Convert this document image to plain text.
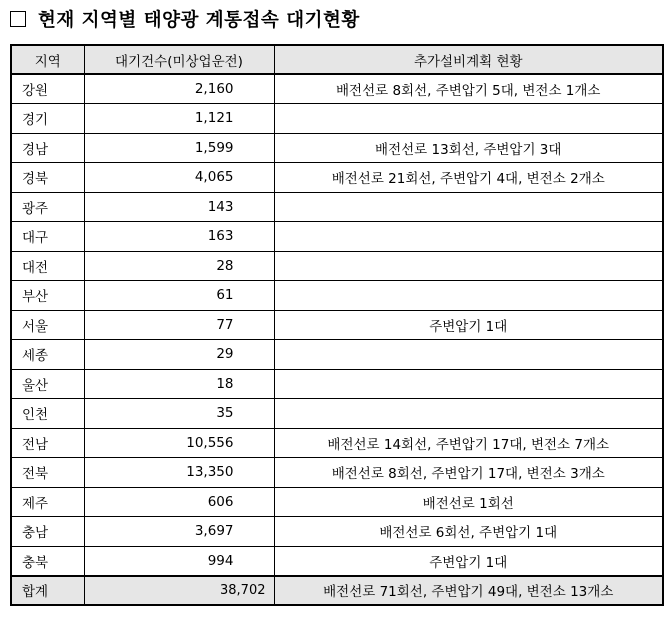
현재 지역별 태양광 계통접속 대기현황
지역	대기건수(미상업운전)	추가설비계획 현황
강원	2,160	배전선로 8회선, 주변압기 5대, 변전소 1개소
경기	1,121	
경남	1,599	배전선로 13회선, 주변압기 3대
경북	4,065	배전선로 21회선, 주변압기 4대, 변전소 2개소
광주	143	
대구	163	
대전	28	
부산	61	
서울	77	주변압기 1대
세종	29	
울산	18	
인천	35	
전남	10,556	배전선로 14회선, 주변압기 17대, 변전소 7개소
전북	13,350	배전선로 8회선, 주변압기 17대, 변전소 3개소
제주	606	배전선로 1회선
충남	3,697	배전선로 6회선, 주변압기 1대
충북	994	주변압기 1대
합계	38,702	배전선로 71회선, 주변압기 49대, 변전소 13개소
